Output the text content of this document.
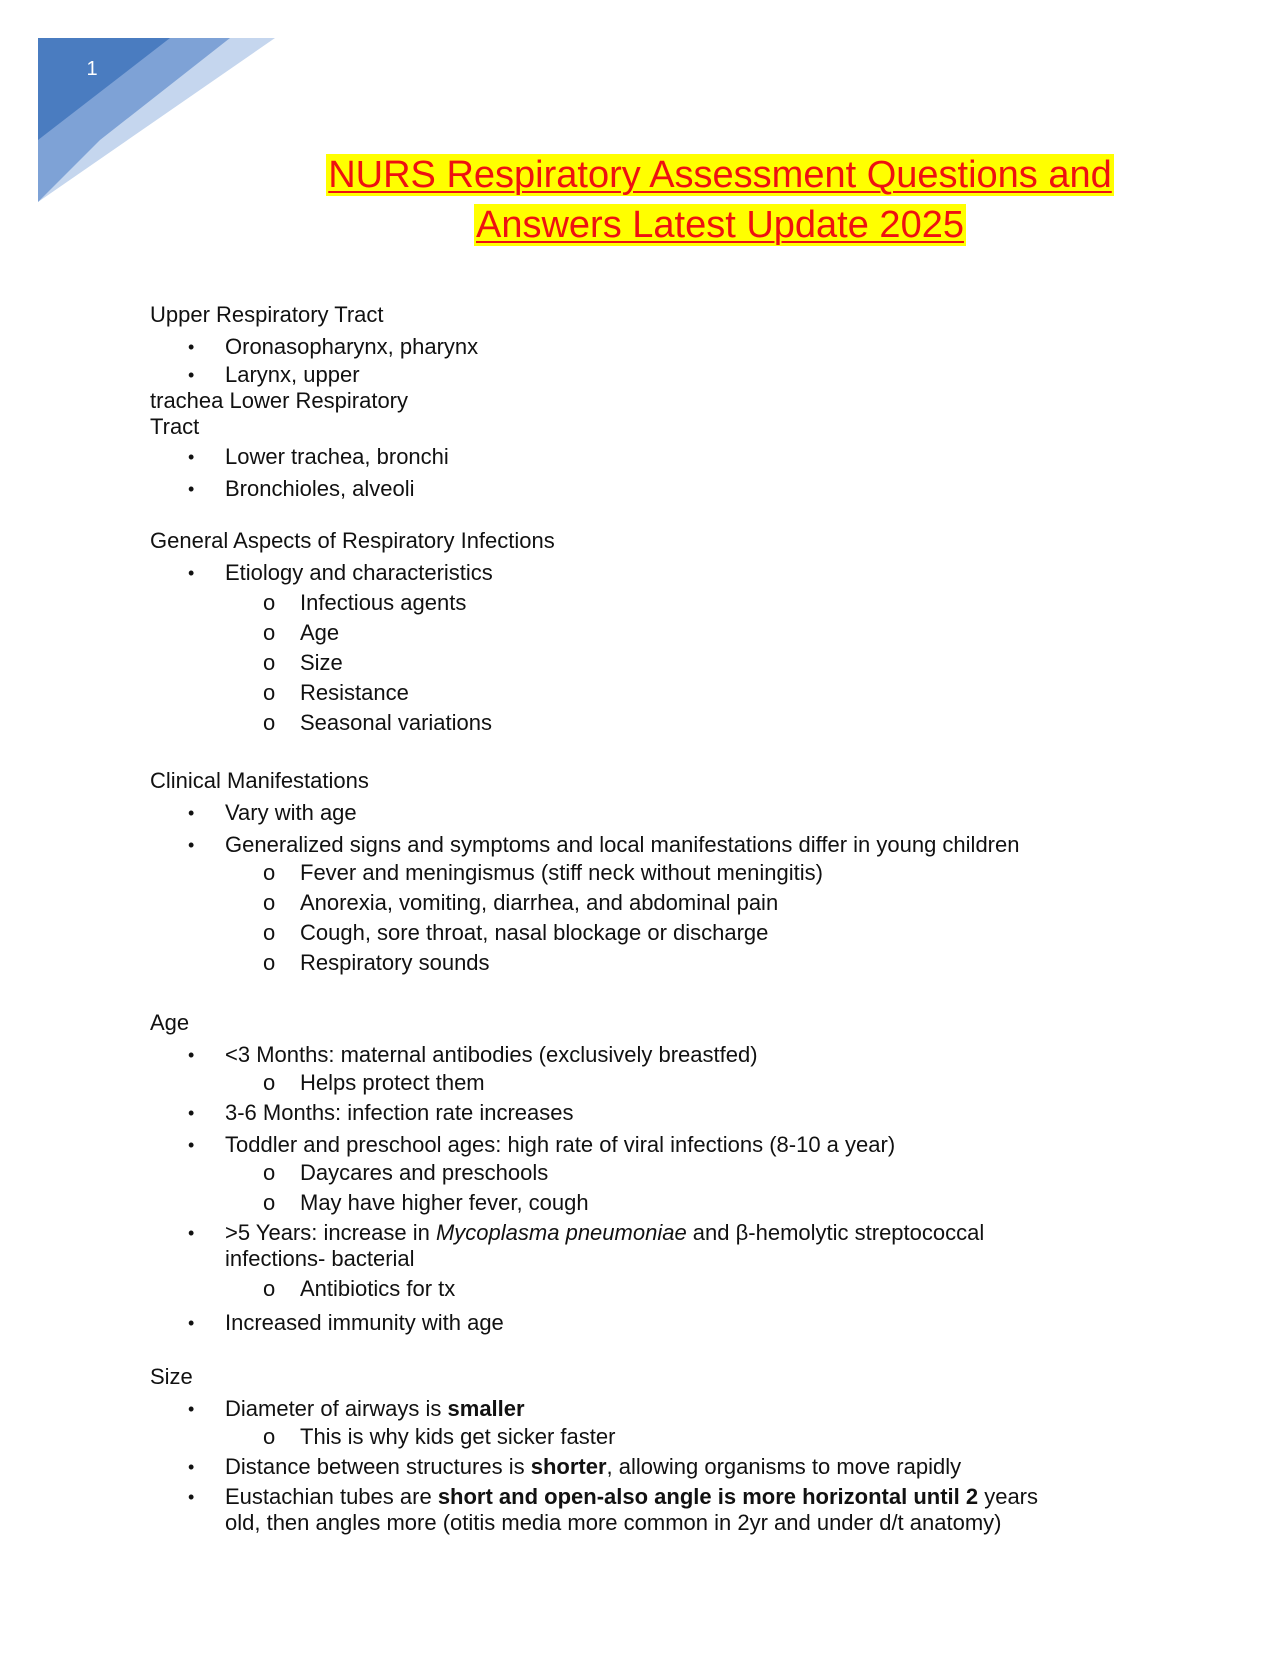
1
NURS Respiratory Assessment Questions and
Answers Latest Update 2025

Upper Respiratory Tract

• Oronasopharynx, pharynx

• Larynx, upper

trachea Lower Respiratory

Tract

• Lower trachea, bronchi

• Bronchioles, alveoli

General Aspects of Respiratory Infections

• Etiology and characteristics

o Infectious agents

o Age

o Size

o Resistance

o Seasonal variations

Clinical Manifestations

• Vary with age

• Generalized signs and symptoms and local manifestations differ in young children

o Fever and meningismus (stiff neck without meningitis)

o Anorexia, vomiting, diarrhea, and abdominal pain

o Cough, sore throat, nasal blockage or discharge

o Respiratory sounds

Age

• <3 Months: maternal antibodies (exclusively breastfed)

o Helps protect them

• 3-6 Months: infection rate increases

• Toddler and preschool ages: high rate of viral infections (8-10 a year)

o Daycares and preschools

o May have higher fever, cough

• >5 Years: increase in Mycoplasma pneumoniae and β-hemolytic streptococcal
infections- bacterial

o Antibiotics for tx

• Increased immunity with age

Size

• Diameter of airways is smaller

o This is why kids get sicker faster

• Distance between structures is shorter, allowing organisms to move rapidly

• Eustachian tubes are short and open-also angle is more horizontal until 2 years
old, then angles more (otitis media more common in 2yr and under d/t anatomy)
